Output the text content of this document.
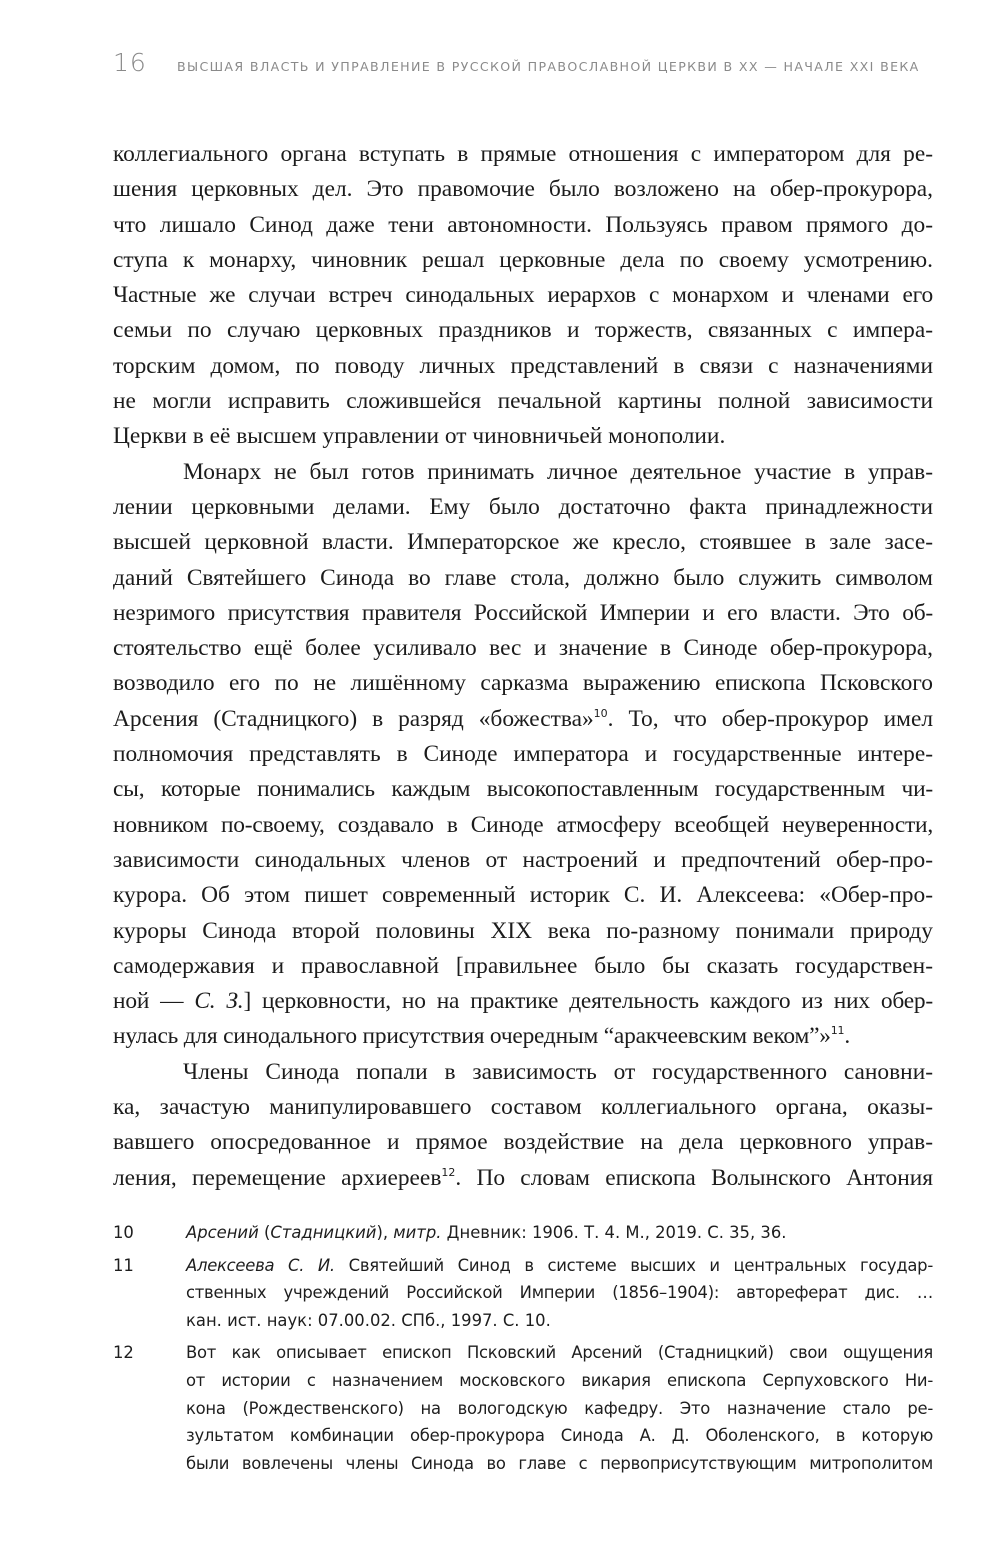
16	ВЫСШАЯ ВЛАСТЬ И УПРАВЛЕНИЕ В РУССКОЙ ПРАВОСЛАВНОЙ ЦЕРКВИ В XX — НАЧАЛЕ XXI ВЕКА
коллегиального органа вступать в прямые отношения с императором для ре-
шения церковных дел. Это правомочие было возложено на обер-прокурора,
что лишало Синод даже тени автономности. Пользуясь правом прямого до-
ступа к монарху, чиновник решал церковные дела по своему усмотрению.
Частные же случаи встреч синодальных иерархов с монархом и членами его
семьи по случаю церковных праздников и торжеств, связанных с импера-
торским домом, по поводу личных представлений в связи с назначениями
не могли исправить сложившейся печальной картины полной зависимости
Церкви в её высшем управлении от чиновничьей монополии.
Монарх не был готов принимать личное деятельное участие в управ-
лении церковными делами. Ему было достаточно факта принадлежности
высшей церковной власти. Императорское же кресло, стоявшее в зале засе-
даний Святейшего Синода во главе стола, должно было служить символом
незримого присутствия правителя Российской Империи и его власти. Это об-
стоятельство ещё более усиливало вес и значение в Синоде обер-прокурора,
возводило его по не лишённому сарказма выражению епископа Псковского
Арсения (Стадницкого) в разряд «божества»$^{10}$. То, что обер-прокурор имел
полномочия представлять в Синоде императора и государственные интере-
сы, которые понимались каждым высокопоставленным государственным чи-
новником по-своему, создавало в Синоде атмосферу всеобщей неуверенности,
зависимости синодальных членов от настроений и предпочтений обер-про-
курора. Об этом пишет современный историк С. И. Алексеева: «Обер-про-
куроры Синода второй половины XIX века по-разному понимали природу
самодержавия и православной [правильнее было бы сказать государствен-
ной — С. З.] церковности, но на практике деятельность каждого из них обер-
нулась для синодального присутствия очередным “аракчеевским веком”»$^{11}$.
Члены Синода попали в зависимость от государственного сановни-
ка, зачастую манипулировавшего составом коллегиального органа, оказы-
вавшего опосредованное и прямое воздействие на дела церковного управ-
ления, перемещение архиереев$^{12}$. По словам епископа Волынского Антония
10	Арсений (Стадницкий), митр. Дневник: 1906. Т. 4. М., 2019. С. 35, 36.
11	Алексеева С. И. Святейший Синод в системе высших и центральных государ-
ственных учреждений Российской Империи (1856–1904): автореферат дис. …
кан. ист. наук: 07.00.02. СПб., 1997. С. 10.
12	Вот как описывает епископ Псковский Арсений (Стадницкий) свои ощущения
от истории с назначением московского викария епископа Серпуховского Ни-
кона (Рождественского) на вологодскую кафедру. Это назначение стало ре-
зультатом комбинации обер-прокурора Синода А. Д. Оболенского, в которую
были вовлечены члены Синода во главе с первоприсутствующим митрополитом
